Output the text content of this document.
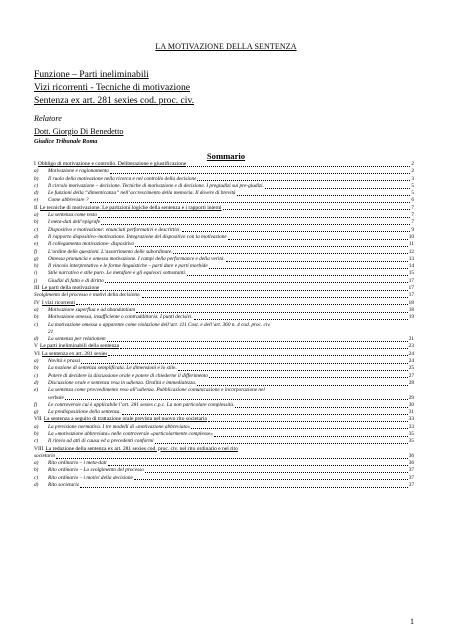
LA MOTIVAZIONE DELLA SENTENZA
Funzione – Parti ineliminabili
Vizi ricorrenti - Tecniche di motivazione
Sentenza ex art. 281 sexies cod. proc. civ.
Relatore
Dott. Giorgio Di Benedetto
Giudice Tribunale Roma
Sommario
I Obbligo di motivazione e controllo. Deliberazione e giustificazione	2
a)	Motivazione e ragionamento	2
b)	Il ruolo della motivazione nella ricerca e nel controllo della decisione	3
c)	Il circolo motivazione – decisione. Tecniche di motivazione e di decisione. I pregiudizi sui pre-giudizi.	5
d)	Le funzioni della “dimenticanza” nell’accrescimento della memoria. Il dovere di brevità	5
e)	Come abbreviare ?	6
II Le tecniche di motivazione. Le partizioni logiche della sentenza e i rapporti interni	7
a)	La sentenza come testo	7
b)	I meta-dati dell’epigrafe	7
c)	Dispositivo e motivazione: enunciati performativi e descrittivi.	9
d)	Il rapporto dispositivo–motivazione. Integrazione del dispositivo con la motivazione	10
e)	Il collegamento motivazione- dispositivo	11
f)	L’ordine delle questioni. L’assortimento delle subordinate.	12
g)	Omessa pronuncia e omessa motivazione. I campi della performance e della verità.	13
h)	Il vincolo interpretativo e le forme linguistiche – parti dure e parti morbide	14
i)	Stile narrativo e stile puro. Le metafore e gli equivoci sottostanti.	15
j)	Giudizi di fatto e di diritto	17
III Le parti della motivazione	17
Svolgimento del processo e motivi della decisione.	17
IV I vizi ricorrenti	18
a)	Motivazione superflua e ad abundantiam	18
b)	Motivazione omessa, insufficiente o contraddittoria. I punti decisivi.	19
c)	La motivazione omessa o apparente come violazione dell’art. 111 Cost. e dell’art. 360 n. 4 cod. proc. civ.
21
d)	La sentenza per relationem	21
V Le parti ineliminabili della sentenza	23
VI La sentenza ex art. 281 sexies	24
a)	Novità e prassi	24
b)	La nozione di sentenza semplificata. Le dimensioni e lo stile.	25
c)	Potere di decidere la discussione orale e potere di chiederne il differimento	27
d)	Discussione orale e sentenza resa in udienza. Oralità e immediatezza.	28
e)	La sentenza come provvedimento reso all’udienza. Pubblicazione comunicazione e incorporazione nel
verbale	29
f)	Le controversie cui è applicabile l’art. 281 sexies c.p.c. La non particolare complessità.	30
g)	La predisposizione della sentenza.	31
VII La sentenza a seguito di trattazione orale prevista nel nuovo rito societario	33
a)	La previsione normativa. I tre modelli di «motivazione abbreviata»	33
b)	La «motivazione abbreviata» nelle controversie «particolarmente complesse»	35
c)	Il rinvio ad atti di causa ed a precedenti conformi	35
VIII La redazione della sentenza ex art. 281 sexies cod. proc. civ. nel rito ordinario e nel rito
societario	36
a)	Rito ordinario – i meta-dati	36
b)	Rito ordinario – Lo svolgimento del processo	37
c)	Rito ordinario – i motivi della decisione	37
d)	Rito societario	37
1
